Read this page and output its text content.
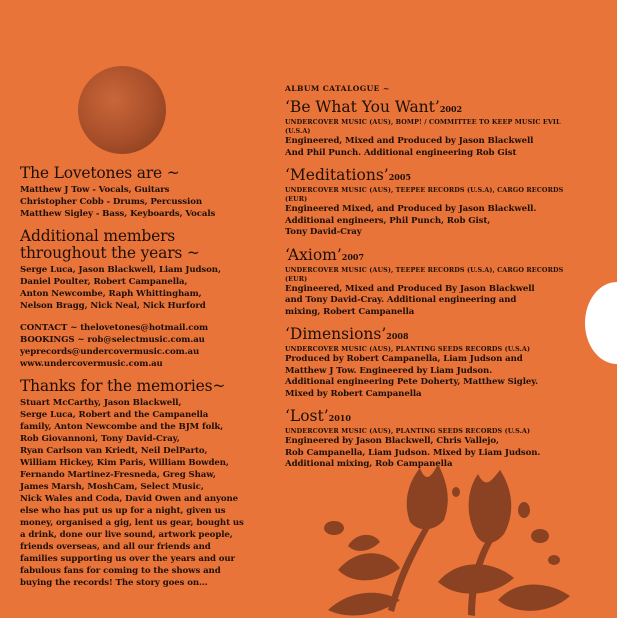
The Lovetones are ~
Matthew J Tow - Vocals, Guitars
Christopher Cobb - Drums, Percussion
Matthew Sigley - Bass, Keyboards, Vocals
Additional members
throughout the years ~
Serge Luca, Jason Blackwell, Liam Judson,
Daniel Poulter, Robert Campanella,
Anton Newcombe, Raph Whittingham,
Nelson Bragg, Nick Neal, Nick Hurford
CONTACT ~ thelovetones@hotmail.com
BOOKINGS ~ rob@selectmusic.com.au
yeprecords@undercovermusic.com.au
www.undercovermusic.com.au
Thanks for the memories~
Stuart McCarthy, Jason Blackwell,
Serge Luca, Robert and the Campanella
family, Anton Newcombe and the BJM folk,
Rob Giovannoni, Tony David-Cray,
Ryan Carlson van Kriedt, Neil DelParto,
William Hickey, Kim Paris, William Bowden,
Fernando Martinez-Fresneda, Greg Shaw,
James Marsh, MoshCam, Select Music,
Nick Wales and Coda, David Owen and anyone
else who has put us up for a night, given us
money, organised a gig, lent us gear, bought us
a drink, done our live sound, artwork people,
friends overseas, and all our friends and
families supporting us over the years and our
fabulous fans for coming to the shows and
buying the records! The story goes on...
ALBUM CATALOGUE ~
‘Be What You Want’2002
UNDERCOVER MUSIC (AUS), BOMP! / COMMITTEE TO KEEP MUSIC EVIL (U.S.A)
Engineered, Mixed and Produced by Jason Blackwell
And Phil Punch. Additional engineering Rob Gist
‘Meditations’2005
UNDERCOVER MUSIC (AUS), TEEPEE RECORDS (U.S.A), CARGO RECORDS (EUR)
Engineered Mixed, and Produced by Jason Blackwell.
Additional engineers, Phil Punch, Rob Gist,
Tony David-Cray
‘Axiom’2007
UNDERCOVER MUSIC (AUS), TEEPEE RECORDS (U.S.A), CARGO RECORDS (EUR)
Engineered, Mixed and Produced By Jason Blackwell
and Tony David-Cray. Additional engineering and
mixing, Robert Campanella
‘Dimensions’2008
UNDERCOVER MUSIC (AUS), PLANTING SEEDS RECORDS (U.S.A)
Produced by Robert Campanella, Liam Judson and
Matthew J Tow. Engineered by Liam Judson.
Additional engineering Pete Doherty, Matthew Sigley.
Mixed by Robert Campanella
‘Lost’2010
UNDERCOVER MUSIC (AUS), PLANTING SEEDS RECORDS (U.S.A)
Engineered by Jason Blackwell, Chris Vallejo,
Rob Campanella, Liam Judson. Mixed by Liam Judson.
Additional mixing, Rob Campanella
